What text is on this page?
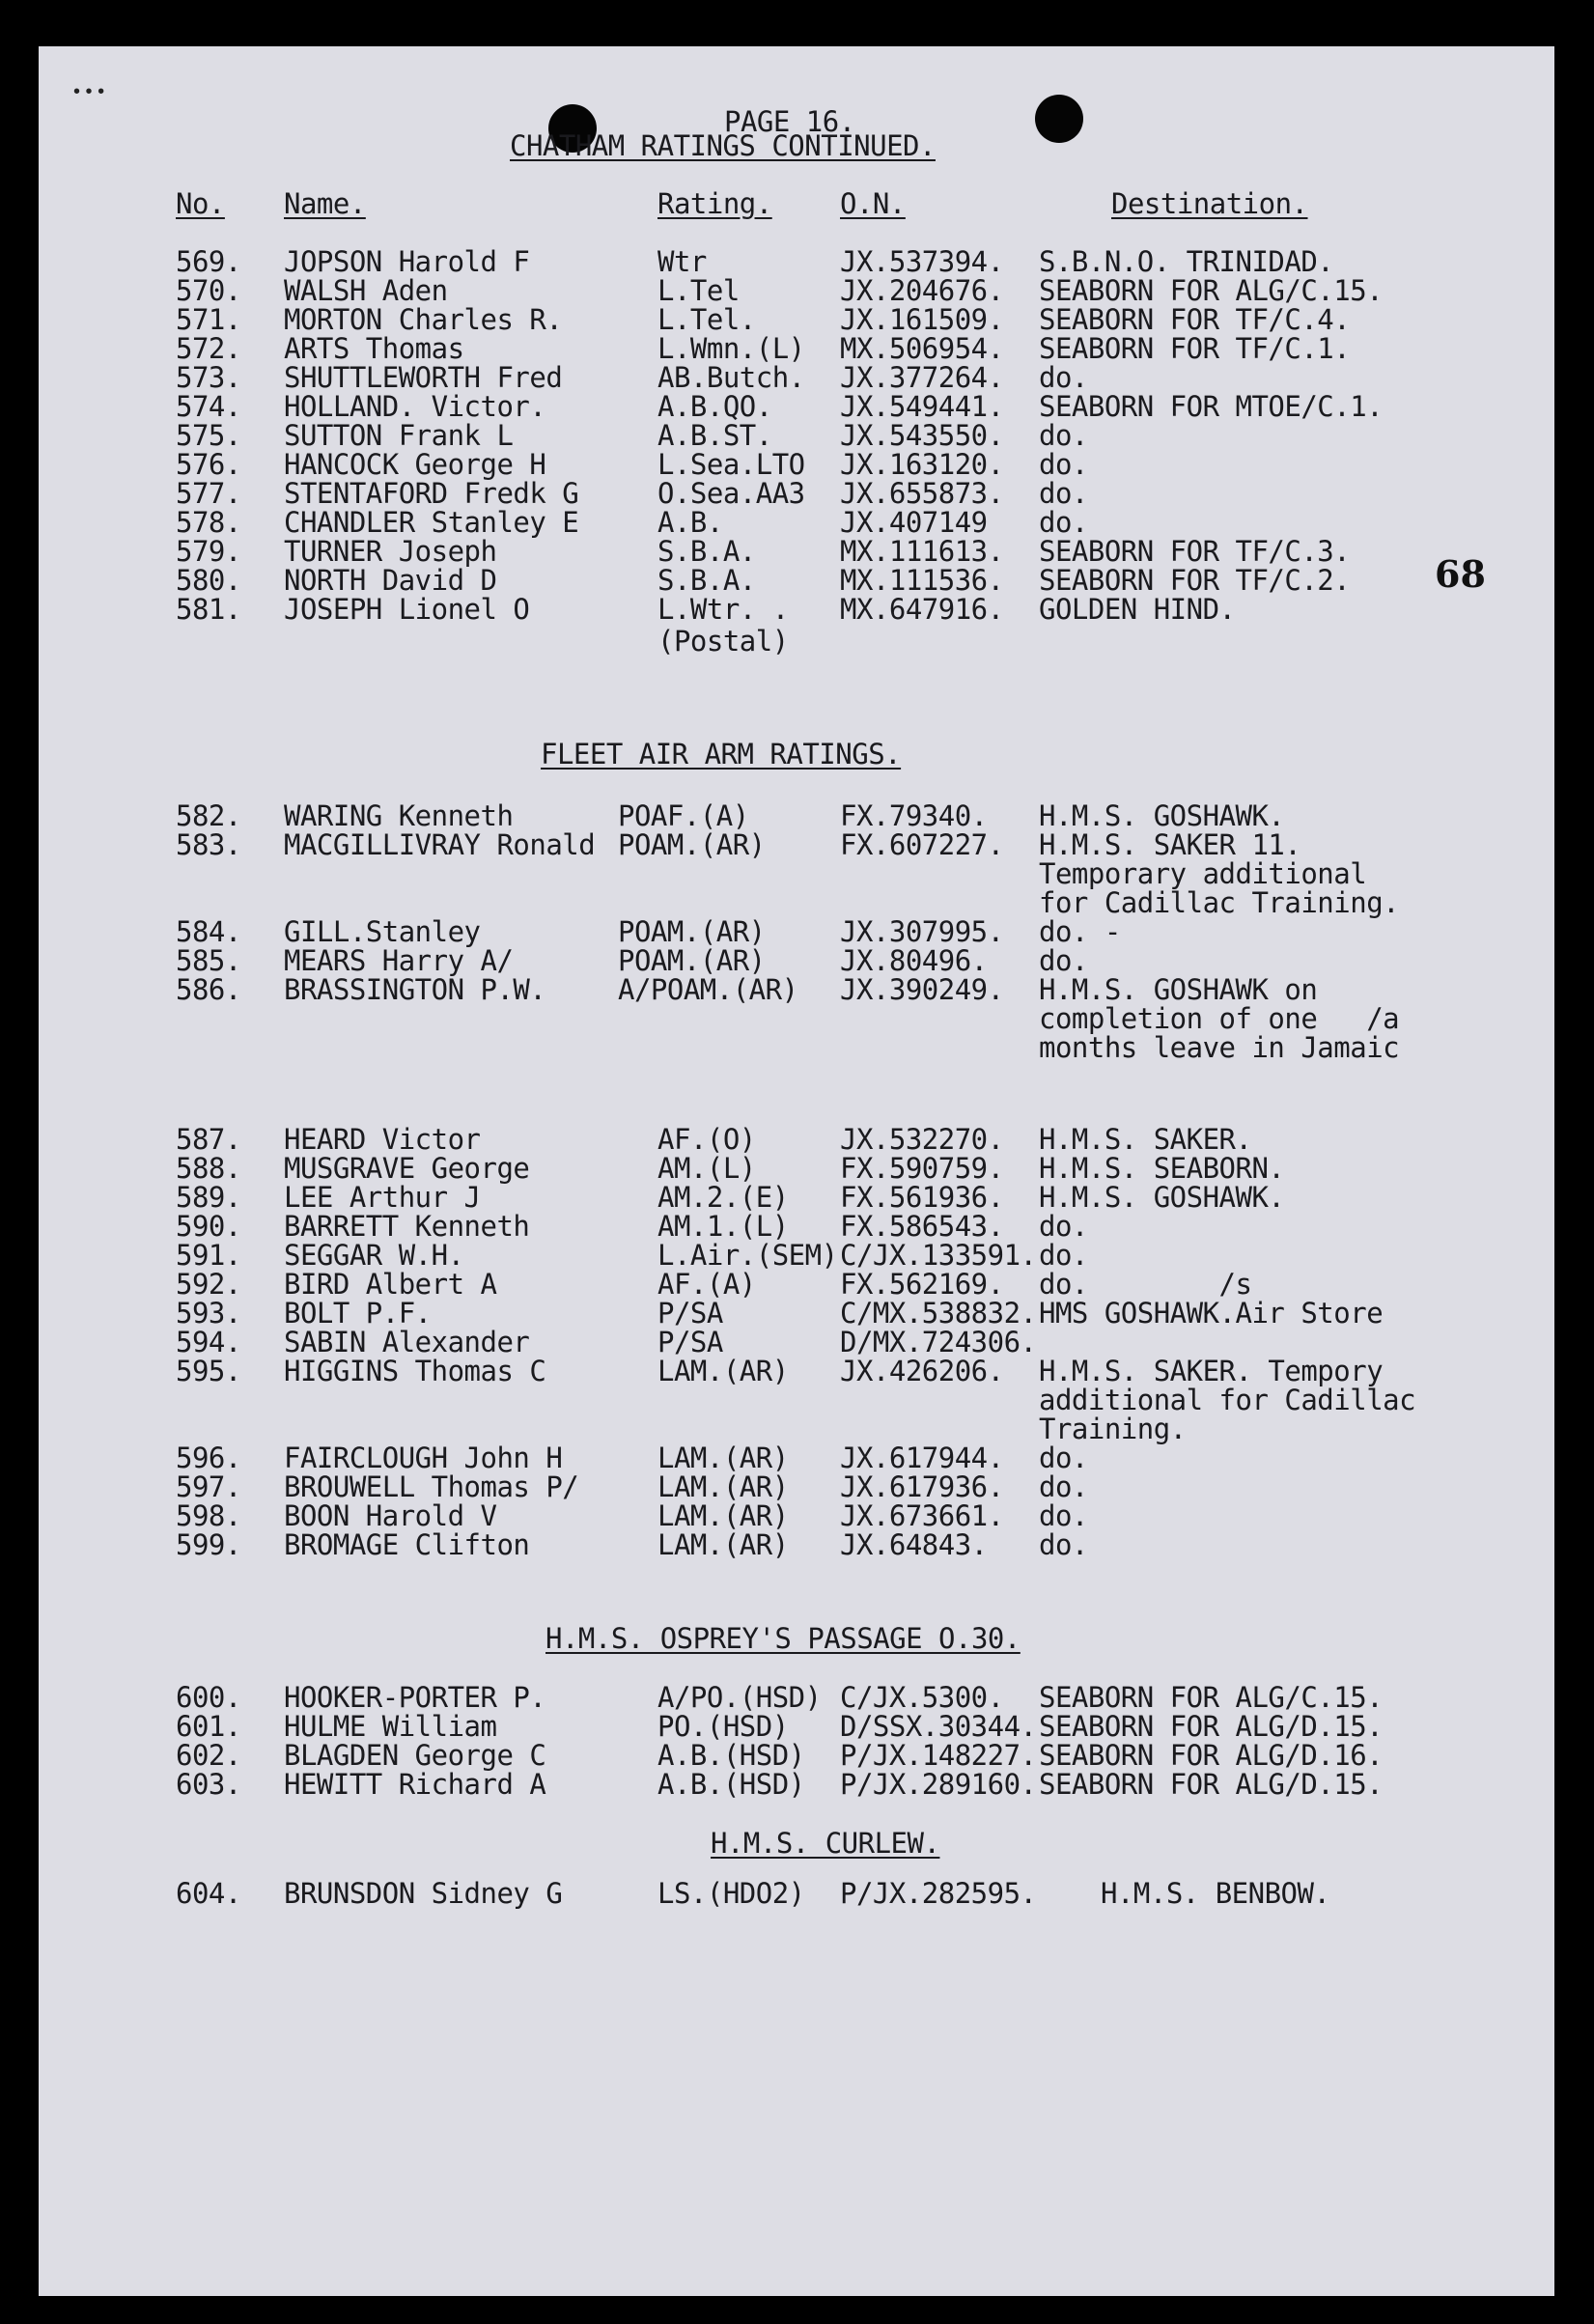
• • •
PAGE 16.
CHATHAM RATINGS CONTINUED.
No. Name.	Rating. O.N.	Destination.
569. JOPSON Harold F	Wtr	JX.537394. S.B.N.O. TRINIDAD.
570. WALSH Aden	L.Tel	JX.204676. SEABORN FOR ALG/C.15.
571. MORTON Charles R.	L.Tel.	JX.161509. SEABORN FOR TF/C.4.
572. ARTS Thomas	L.Wmn.(L) MX.506954. SEABORN FOR TF/C.1.
573. SHUTTLEWORTH Fred	AB.Butch. JX.377264. do.
574. HOLLAND. Victor.	A.B.QO. JX.549441. SEABORN FOR MTOE/C.1.
575. SUTTON Frank L	A.B.ST. JX.543550. do.
576. HANCOCK George H	L.Sea.LTO JX.163120. do.
577. STENTAFORD Fredk G	O.Sea.AA3 JX.655873. do.
578. CHANDLER Stanley E	A.B.	JX.407149 do.
579. TURNER Joseph	S.B.A.	MX.111613. SEABORN FOR TF/C.3.
580. NORTH David D	S.B.A.	MX.111536. SEABORN FOR TF/C.2.
581. JOSEPH Lionel O	L.Wtr. . MX.647916. GOLDEN HIND.
(Postal)
68
FLEET AIR ARM RATINGS.
582. WARING Kenneth	POAF.(A)	FX.79340. H.M.S. GOSHAWK.
583. MACGILLIVRAY Ronald POAM.(AR)	FX.607227. H.M.S. SAKER 11.
Temporary additional
for Cadillac Training.
584. GILL.Stanley	POAM.(AR)	JX.307995. do. -
585. MEARS Harry A/	POAM.(AR)	JX.80496. do.
586. BRASSINGTON P.W.	A/POAM.(AR) JX.390249. H.M.S. GOSHAWK on
completion of one   /a
months leave in Jamaic
587. HEARD Victor	AF.(O)	JX.532270. H.M.S. SAKER.
588. MUSGRAVE George	AM.(L)	FX.590759. H.M.S. SEABORN.
589. LEE Arthur J	AM.2.(E) FX.561936. H.M.S. GOSHAWK.
590. BARRETT Kenneth	AM.1.(L) FX.586543. do.
591. SEGGAR W.H.	L.Air.(SEM) C/JX.133591. do.
592. BIRD Albert A	AF.(A)	FX.562169. do.        /s
593. BOLT P.F.	P/SA	C/MX.538832. HMS GOSHAWK.Air Store
594. SABIN Alexander	P/SA	D/MX.724306.
595. HIGGINS Thomas C	LAM.(AR) JX.426206. H.M.S. SAKER. Tempory
additional for Cadillac
Training.
596. FAIRCLOUGH John H	LAM.(AR) JX.617944. do.
597. BROUWELL Thomas P/	LAM.(AR) JX.617936. do.
598. BOON Harold V	LAM.(AR) JX.673661. do.
599. BROMAGE Clifton	LAM.(AR) JX.64843. do.
H.M.S. OSPREY'S PASSAGE O.30.
600. HOOKER-PORTER P.	A/PO.(HSD) C/JX.5300. SEABORN FOR ALG/C.15.
601. HULME William	PO.(HSD) D/SSX.30344. SEABORN FOR ALG/D.15.
602. BLAGDEN George C	A.B.(HSD) P/JX.148227. SEABORN FOR ALG/D.16.
603. HEWITT Richard A	A.B.(HSD) P/JX.289160. SEABORN FOR ALG/D.15.
H.M.S. CURLEW.
604. BRUNSDON Sidney G	LS.(HDO2) P/JX.282595. H.M.S. BENBOW.
